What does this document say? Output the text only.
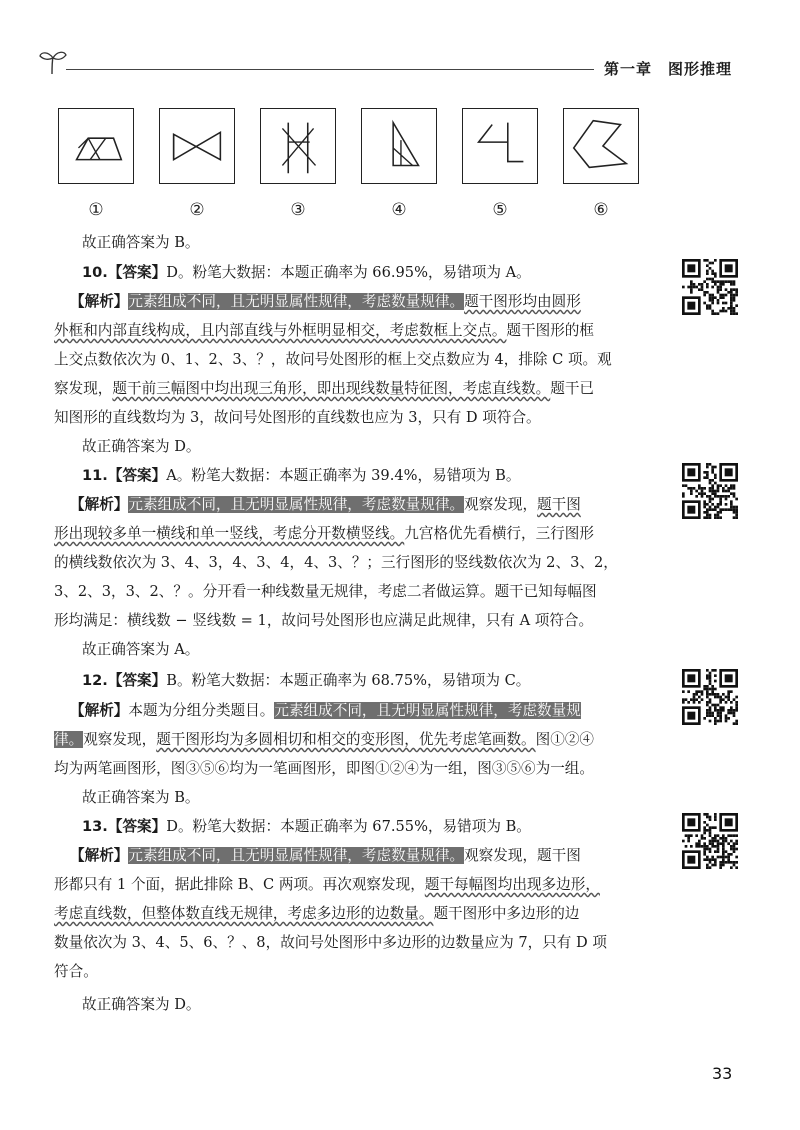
第一章　图形推理
①	②	③	④	⑤	⑥
故正确答案为 B。
10.【答案】D。粉笔大数据：本题正确率为 66.95%，易错项为 A。
【解析】元素组成不同，且无明显属性规律，考虑数量规律。题干图形均由圆形
外框和内部直线构成，且内部直线与外框明显相交，考虑数框上交点。题干图形的框
上交点数依次为 0、1、2、3、？，故问号处图形的框上交点数应为 4，排除 C 项。观
察发现，题干前三幅图中均出现三角形，即出现线数量特征图，考虑直线数。题干已
知图形的直线数均为 3，故问号处图形的直线数也应为 3，只有 D 项符合。
故正确答案为 D。
11.【答案】A。粉笔大数据：本题正确率为 39.4%，易错项为 B。
【解析】元素组成不同，且无明显属性规律，考虑数量规律。观察发现，题干图
形出现较多单一横线和单一竖线，考虑分开数横竖线。九宫格优先看横行，三行图形
的横线数依次为 3、4、3，4、3、4，4、3、？；三行图形的竖线数依次为 2、3、2，
3、2、3，3、2、？。分开看一种线数量无规律，考虑二者做运算。题干已知每幅图
形均满足：横线数 − 竖线数 = 1，故问号处图形也应满足此规律，只有 A 项符合。
故正确答案为 A。
12.【答案】B。粉笔大数据：本题正确率为 68.75%，易错项为 C。
【解析】本题为分组分类题目。元素组成不同，且无明显属性规律，考虑数量规
律。观察发现，题干图形均为多圆相切和相交的变形图，优先考虑笔画数。图①②④
均为两笔画图形，图③⑤⑥均为一笔画图形，即图①②④为一组，图③⑤⑥为一组。
故正确答案为 B。
13.【答案】D。粉笔大数据：本题正确率为 67.55%，易错项为 B。
【解析】元素组成不同，且无明显属性规律，考虑数量规律。观察发现，题干图
形都只有 1 个面，据此排除 B、C 两项。再次观察发现，题干每幅图均出现多边形，
考虑直线数，但整体数直线无规律，考虑多边形的边数量。题干图形中多边形的边
数量依次为 3、4、5、6、？、8，故问号处图形中多边形的边数量应为 7，只有 D 项
符合。
故正确答案为 D。
33
